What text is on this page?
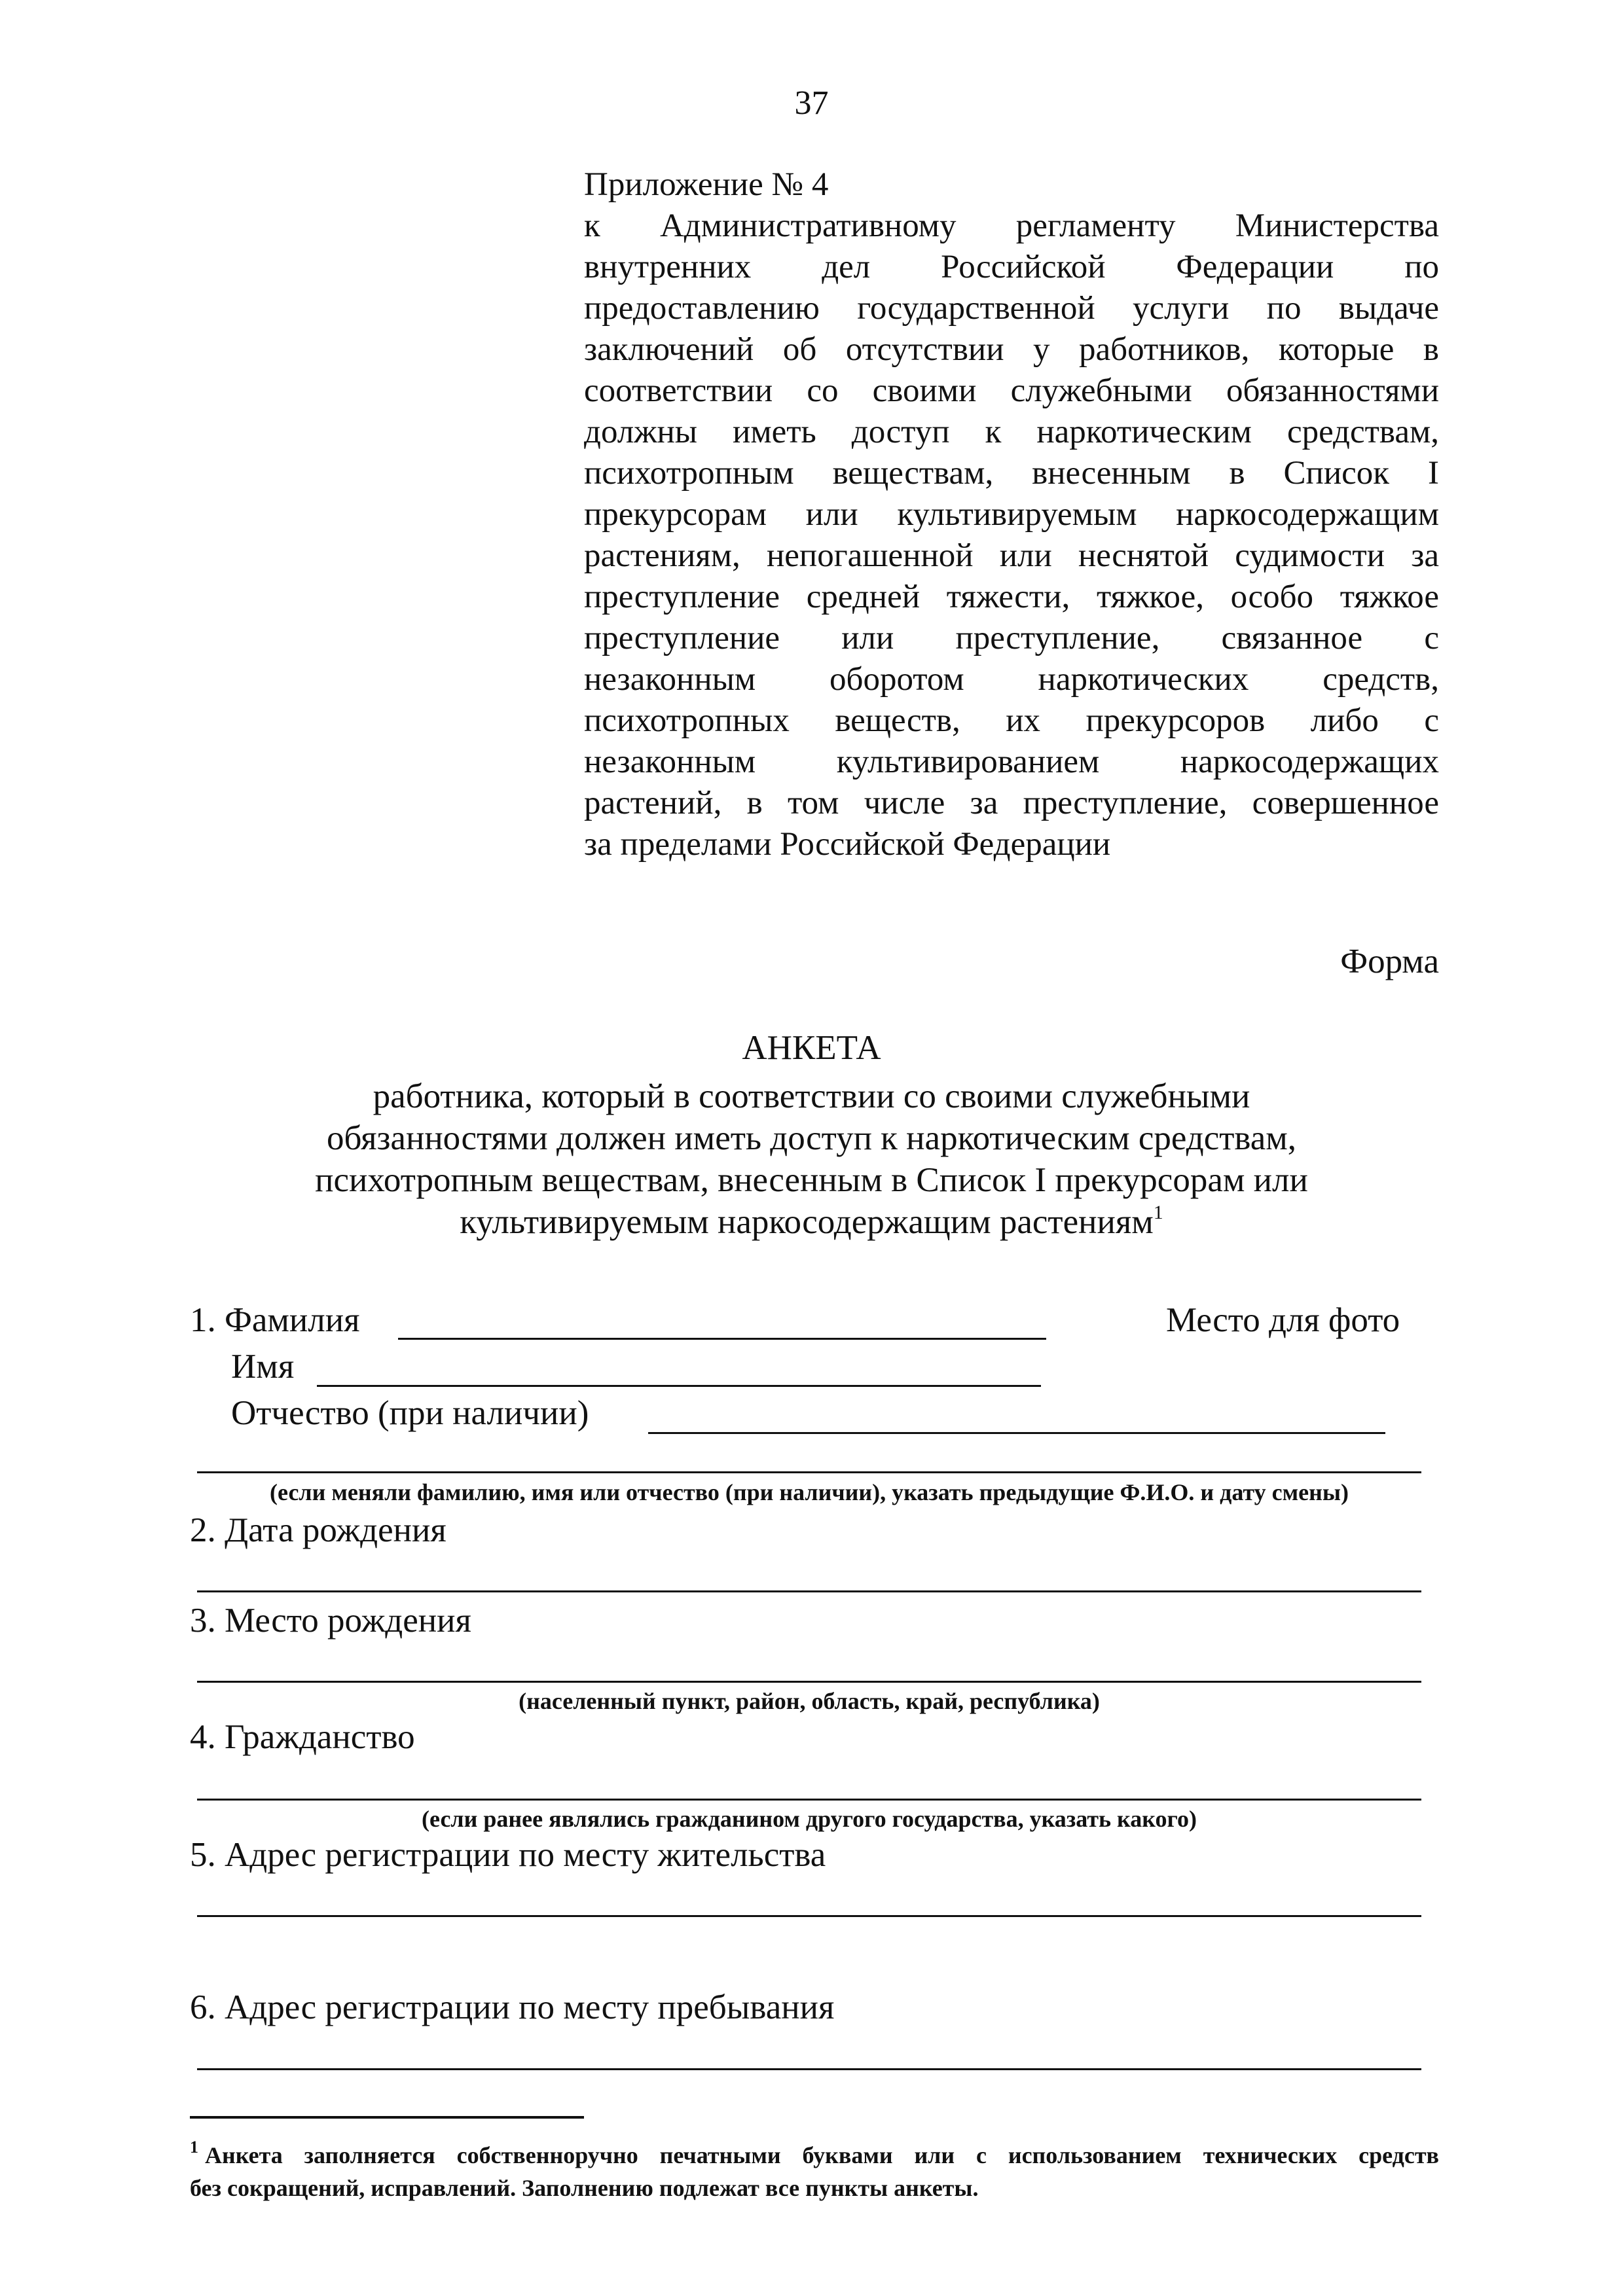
37
Приложение № 4
к Административному регламенту Министерства
внутренних дел Российской Федерации по
предоставлению государственной услуги по выдаче
заключений об отсутствии у работников, которые в
соответствии со своими служебными обязанностями
должны иметь доступ к наркотическим средствам,
психотропным веществам, внесенным в Список I
прекурсорам или культивируемым наркосодержащим
растениям, непогашенной или неснятой судимости за
преступление средней тяжести, тяжкое, особо тяжкое
преступление или преступление, связанное с
незаконным оборотом наркотических средств,
психотропных веществ, их прекурсоров либо с
незаконным культивированием наркосодержащих
растений, в том числе за преступление, совершенное
за пределами Российской Федерации
Форма
АНКЕТА
работника, который в соответствии со своими служебными
обязанностями должен иметь доступ к наркотическим средствам,
психотропным веществам, внесенным в Список I прекурсорам или
культивируемым наркосодержащим растениям$^1$
1. Фамилия	Место для фото
Имя
Отчество (при наличии)
(если меняли фамилию, имя или отчество (при наличии), указать предыдущие Ф.И.О. и дату смены)
2. Дата рождения
3. Место рождения
(населенный пункт, район, область, край, республика)
4. Гражданство
(если ранее являлись гражданином другого государства, указать какого)
5. Адрес регистрации по месту жительства
6. Адрес регистрации по месту пребывания
$^1$ Анкета заполняется собственноручно печатными буквами или с использованием технических средств
без сокращений, исправлений. Заполнению подлежат все пункты анкеты.
